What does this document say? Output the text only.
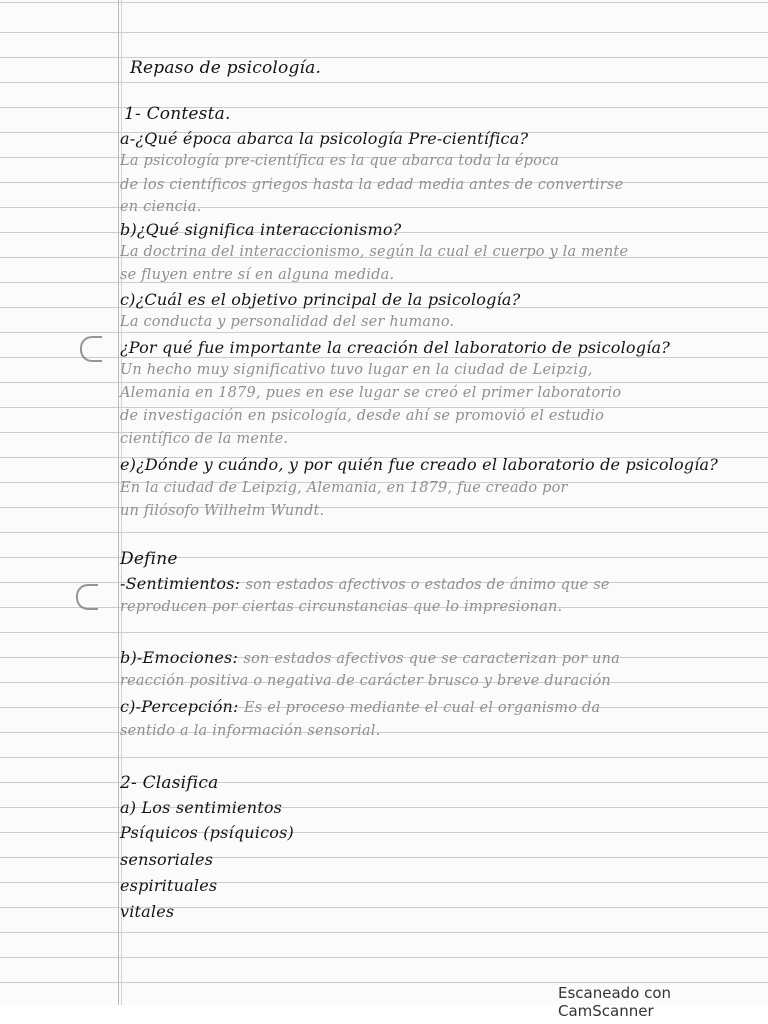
Repaso de psicología.
1- Contesta.
a-¿Qué época abarca la psicología Pre-científica?
La psicología pre-científica es la que abarca toda la época
de los científicos griegos hasta la edad media antes de convertirse
en ciencia.
b)¿Qué significa interaccionismo?
La doctrina del interaccionismo, según la cual el cuerpo y la mente
se fluyen entre sí en alguna medida.
c)¿Cuál es el objetivo principal de la psicología?
La conducta y personalidad del ser humano.
¿Por qué fue importante la creación del laboratorio de psicología?
Un hecho muy significativo tuvo lugar en la ciudad de Leipzig,
Alemania en 1879, pues en ese lugar se creó el primer laboratorio
de investigación en psicología, desde ahí se promovió el estudio
científico de la mente.
e)¿Dónde y cuándo, y por quién fue creado el laboratorio de psicología?
En la ciudad de Leipzig, Alemania, en 1879, fue creado por
un filósofo Wilhelm Wundt.
Define
-Sentimientos: son estados afectivos o estados de ánimo que se
reproducen por ciertas circunstancias que lo impresionan.
b)-Emociones: son estados afectivos que se caracterizan por una
reacción positiva o negativa de carácter brusco y breve duración
c)-Percepción: Es el proceso mediante el cual el organismo da
sentido a la información sensorial.
2- Clasifica
a) Los sentimientos
Psíquicos (psíquicos)
sensoriales
espirituales
vitales
Escaneado con CamScanner
